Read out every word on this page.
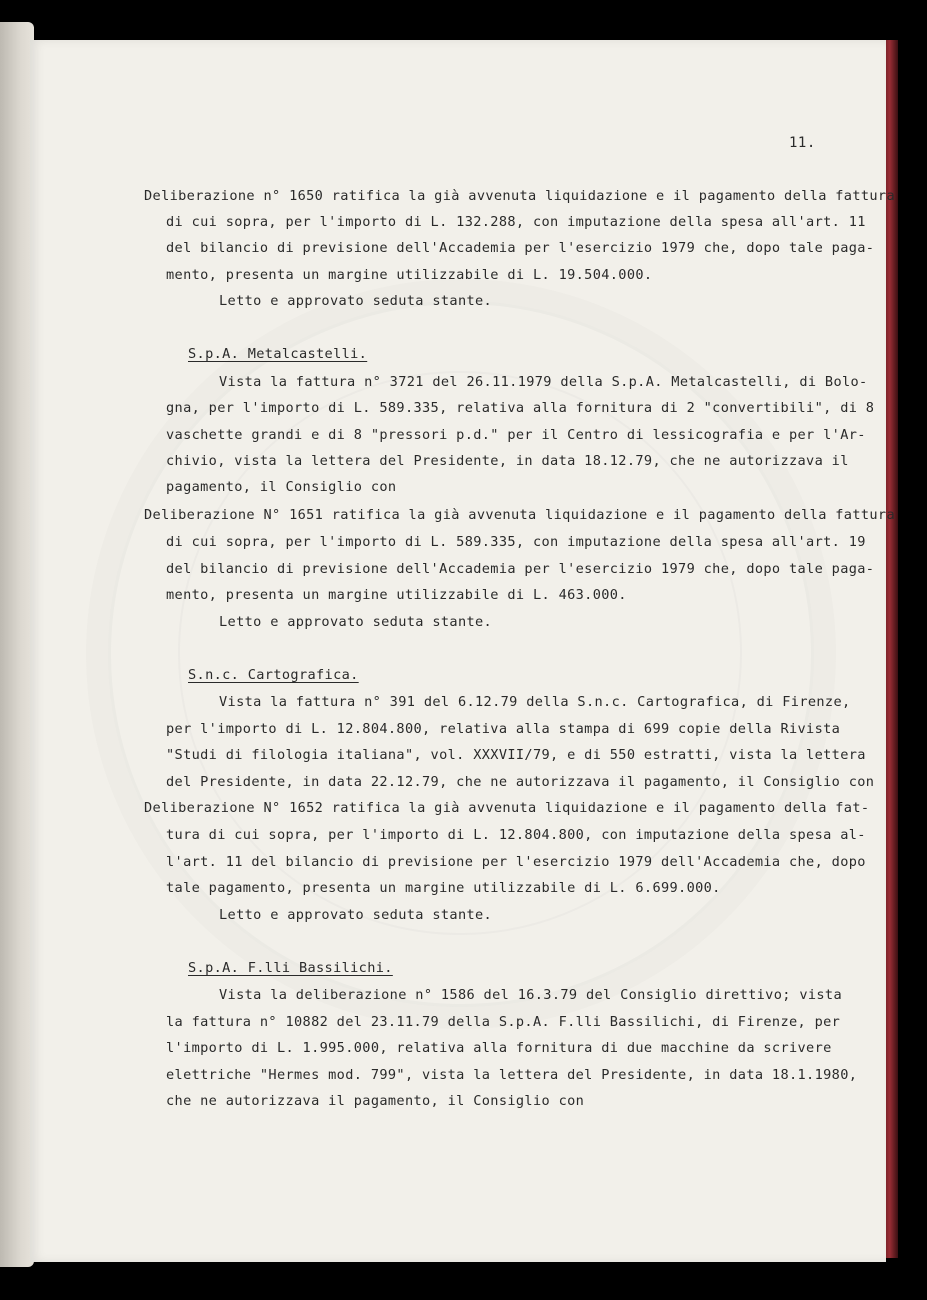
11.
Deliberazione n° 1650 ratifica la già avvenuta liquidazione e il pagamento della fattura
di cui sopra, per l'importo di L. 132.288, con imputazione della spesa all'art. 11
del bilancio di previsione dell'Accademia per l'esercizio 1979 che, dopo tale paga-
mento, presenta un margine utilizzabile di L. 19.504.000.
Letto e approvato seduta stante.
S.p.A. Metalcastelli.
Vista la fattura n° 3721 del 26.11.1979 della S.p.A. Metalcastelli, di Bolo-
gna, per l'importo di L. 589.335, relativa alla fornitura di 2 "convertibili", di 8
vaschette grandi e di 8 "pressori p.d." per il Centro di lessicografia e per l'Ar-
chivio, vista la lettera del Presidente, in data 18.12.79, che ne autorizzava il
pagamento, il Consiglio con
Deliberazione N° 1651 ratifica la già avvenuta liquidazione e il pagamento della fattura
di cui sopra, per l'importo di L. 589.335, con imputazione della spesa all'art. 19
del bilancio di previsione dell'Accademia per l'esercizio 1979 che, dopo tale paga-
mento, presenta un margine utilizzabile di L. 463.000.
Letto e approvato seduta stante.
S.n.c. Cartografica.
Vista la fattura n° 391 del 6.12.79 della S.n.c. Cartografica, di Firenze,
per l'importo di L. 12.804.800, relativa alla stampa di 699 copie della Rivista
"Studi di filologia italiana", vol. XXXVII/79, e di 550 estratti, vista la lettera
del Presidente, in data 22.12.79, che ne autorizzava il pagamento, il Consiglio con
Deliberazione N° 1652 ratifica la già avvenuta liquidazione e il pagamento della fat-
tura di cui sopra, per l'importo di L. 12.804.800, con imputazione della spesa al-
l'art. 11 del bilancio di previsione per l'esercizio 1979 dell'Accademia che, dopo
tale pagamento, presenta un margine utilizzabile di L. 6.699.000.
Letto e approvato seduta stante.
S.p.A. F.lli Bassilichi.
Vista la deliberazione n° 1586 del 16.3.79 del Consiglio direttivo; vista
la fattura n° 10882 del 23.11.79 della S.p.A. F.lli Bassilichi, di Firenze, per
l'importo di L. 1.995.000, relativa alla fornitura di due macchine da scrivere
elettriche "Hermes mod. 799", vista la lettera del Presidente, in data 18.1.1980,
che ne autorizzava il pagamento, il Consiglio con
